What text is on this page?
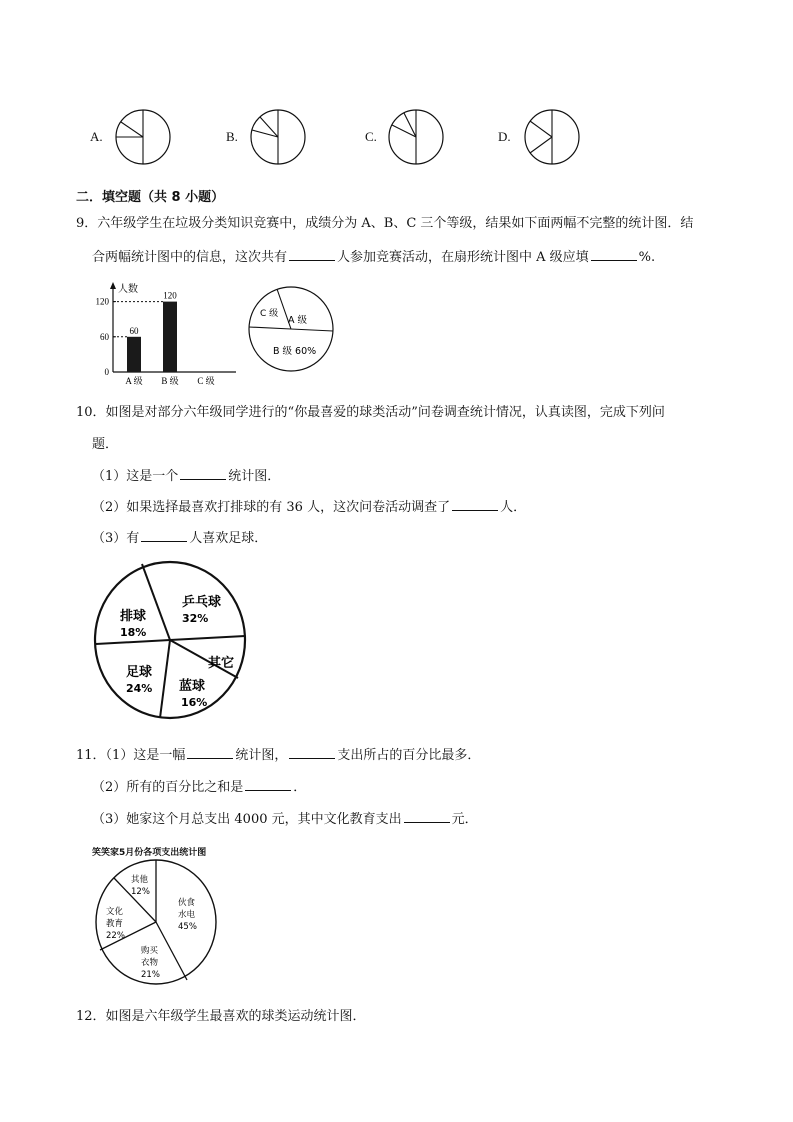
A.	B.	C.	D.
二．填空题（共 8 小题）
9．六年级学生在垃圾分类知识竞赛中，成绩分为 A、B、C 三个等级，结果如下面两幅不完整的统计图．结
合两幅统计图中的信息，这次共有	人参加竞赛活动，在扇形统计图中 A 级应填	%.
人数
60
120
0
60
120
A 级 B 级 C 级
C 级
A 级
B 级 60%
10．如图是对部分六年级同学进行的“你最喜爱的球类活动”问卷调查统计情况，认真读图，完成下列问
题．
（1）这是一个	统计图．
（2）如果选择最喜欢打排球的有 36 人，这次问卷活动调查了	人．
（3）有	人喜欢足球．
乒乓球
32%
其它
蓝球
16%
足球
24%
排球
18%
11．（1）这是一幅	统计图，	支出所占的百分比最多．
（2）所有的百分比之和是	．
（3）她家这个月总支出 4000 元，其中文化教育支出	元．
笑笑家5月份各项支出统计图
伙食
水电
45%
购买
衣物
21%
文化
教育
22%
其他
12%
12．如图是六年级学生最喜欢的球类运动统计图．
